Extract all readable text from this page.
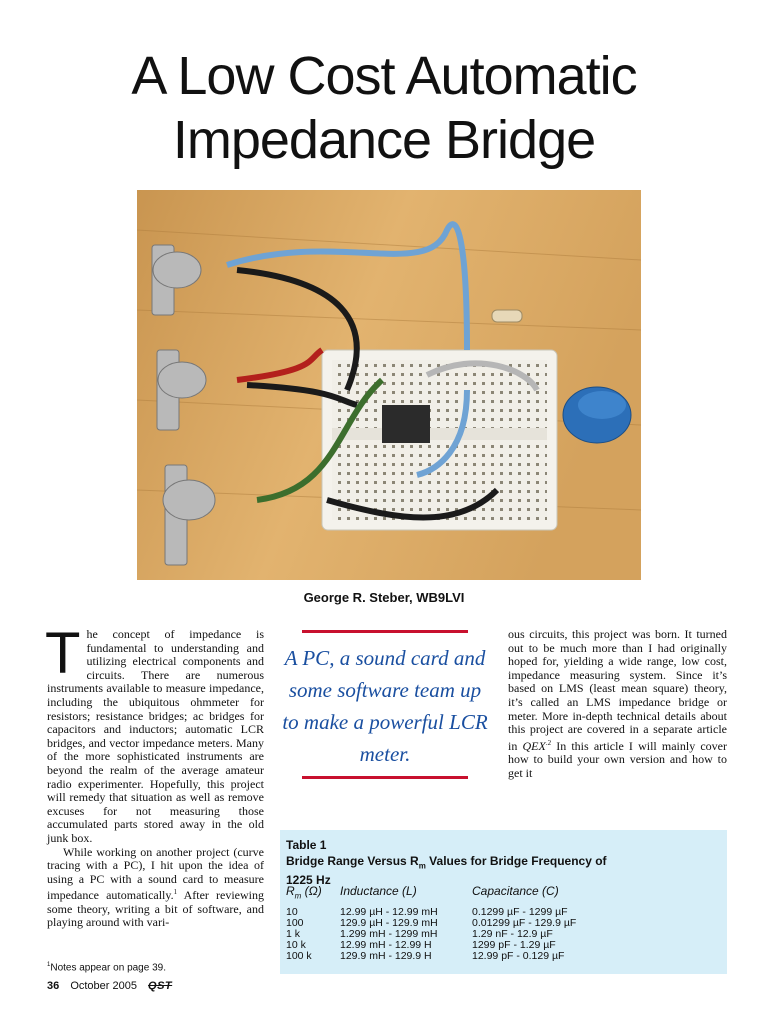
A Low Cost Automatic
Impedance Bridge
George R. Steber, WB9LVI
T he concept of impedance is fundamental to understanding and utilizing electrical components and circuits. There are numerous instruments available to measure impedance, including the ubiquitous ohmmeter for resistors; resistance bridges; ac bridges for capacitors and inductors; automatic LCR bridges, and vector impedance meters. Many of the more sophisticated instruments are beyond the realm of the average amateur radio experimenter. Hopefully, this project will remedy that situation as well as remove excuses for not measuring those accumulated parts stored away in the old junk box.

While working on another project (curve tracing with a PC), I hit upon the idea of using a PC with a sound card to measure impedance automatically.$^1$ After reviewing some theory, writing a bit of software, and playing around with vari-

A PC, a sound card and some software team up to make a powerful LCR meter.

ous circuits, this project was born. It turned out to be much more than I had originally hoped for, yielding a wide range, low cost, impedance measuring system. Since it’s based on LMS (least mean square) theory, it’s called an LMS impedance bridge or meter. More in-depth technical details about this project are covered in a separate article in $QEX^{.2}$ In this article I will mainly cover how to build your own version and how to get it

Table 1
Bridge Range Versus $R_m$ Values for Bridge Frequency of 1225 Hz
$R_m$ (Ω) Inductance (L)	Capacitance (C)
10	12.99 µH - 12.99 mH	0.1299 µF - 1299 µF
100	129.9 µH - 129.9 mH	0.01299 µF - 129.9 µF
1 k	1.299 mH - 1299 mH	1.29 nF - 12.9 µF
10 k	12.99 mH - 12.99 H	1299 pF - 1.29 µF
100 k	129.9 mH - 129.9 H	12.99 pF - 0.129 µF
$^1$Notes appear on page 39.
36 October 2005 QST
